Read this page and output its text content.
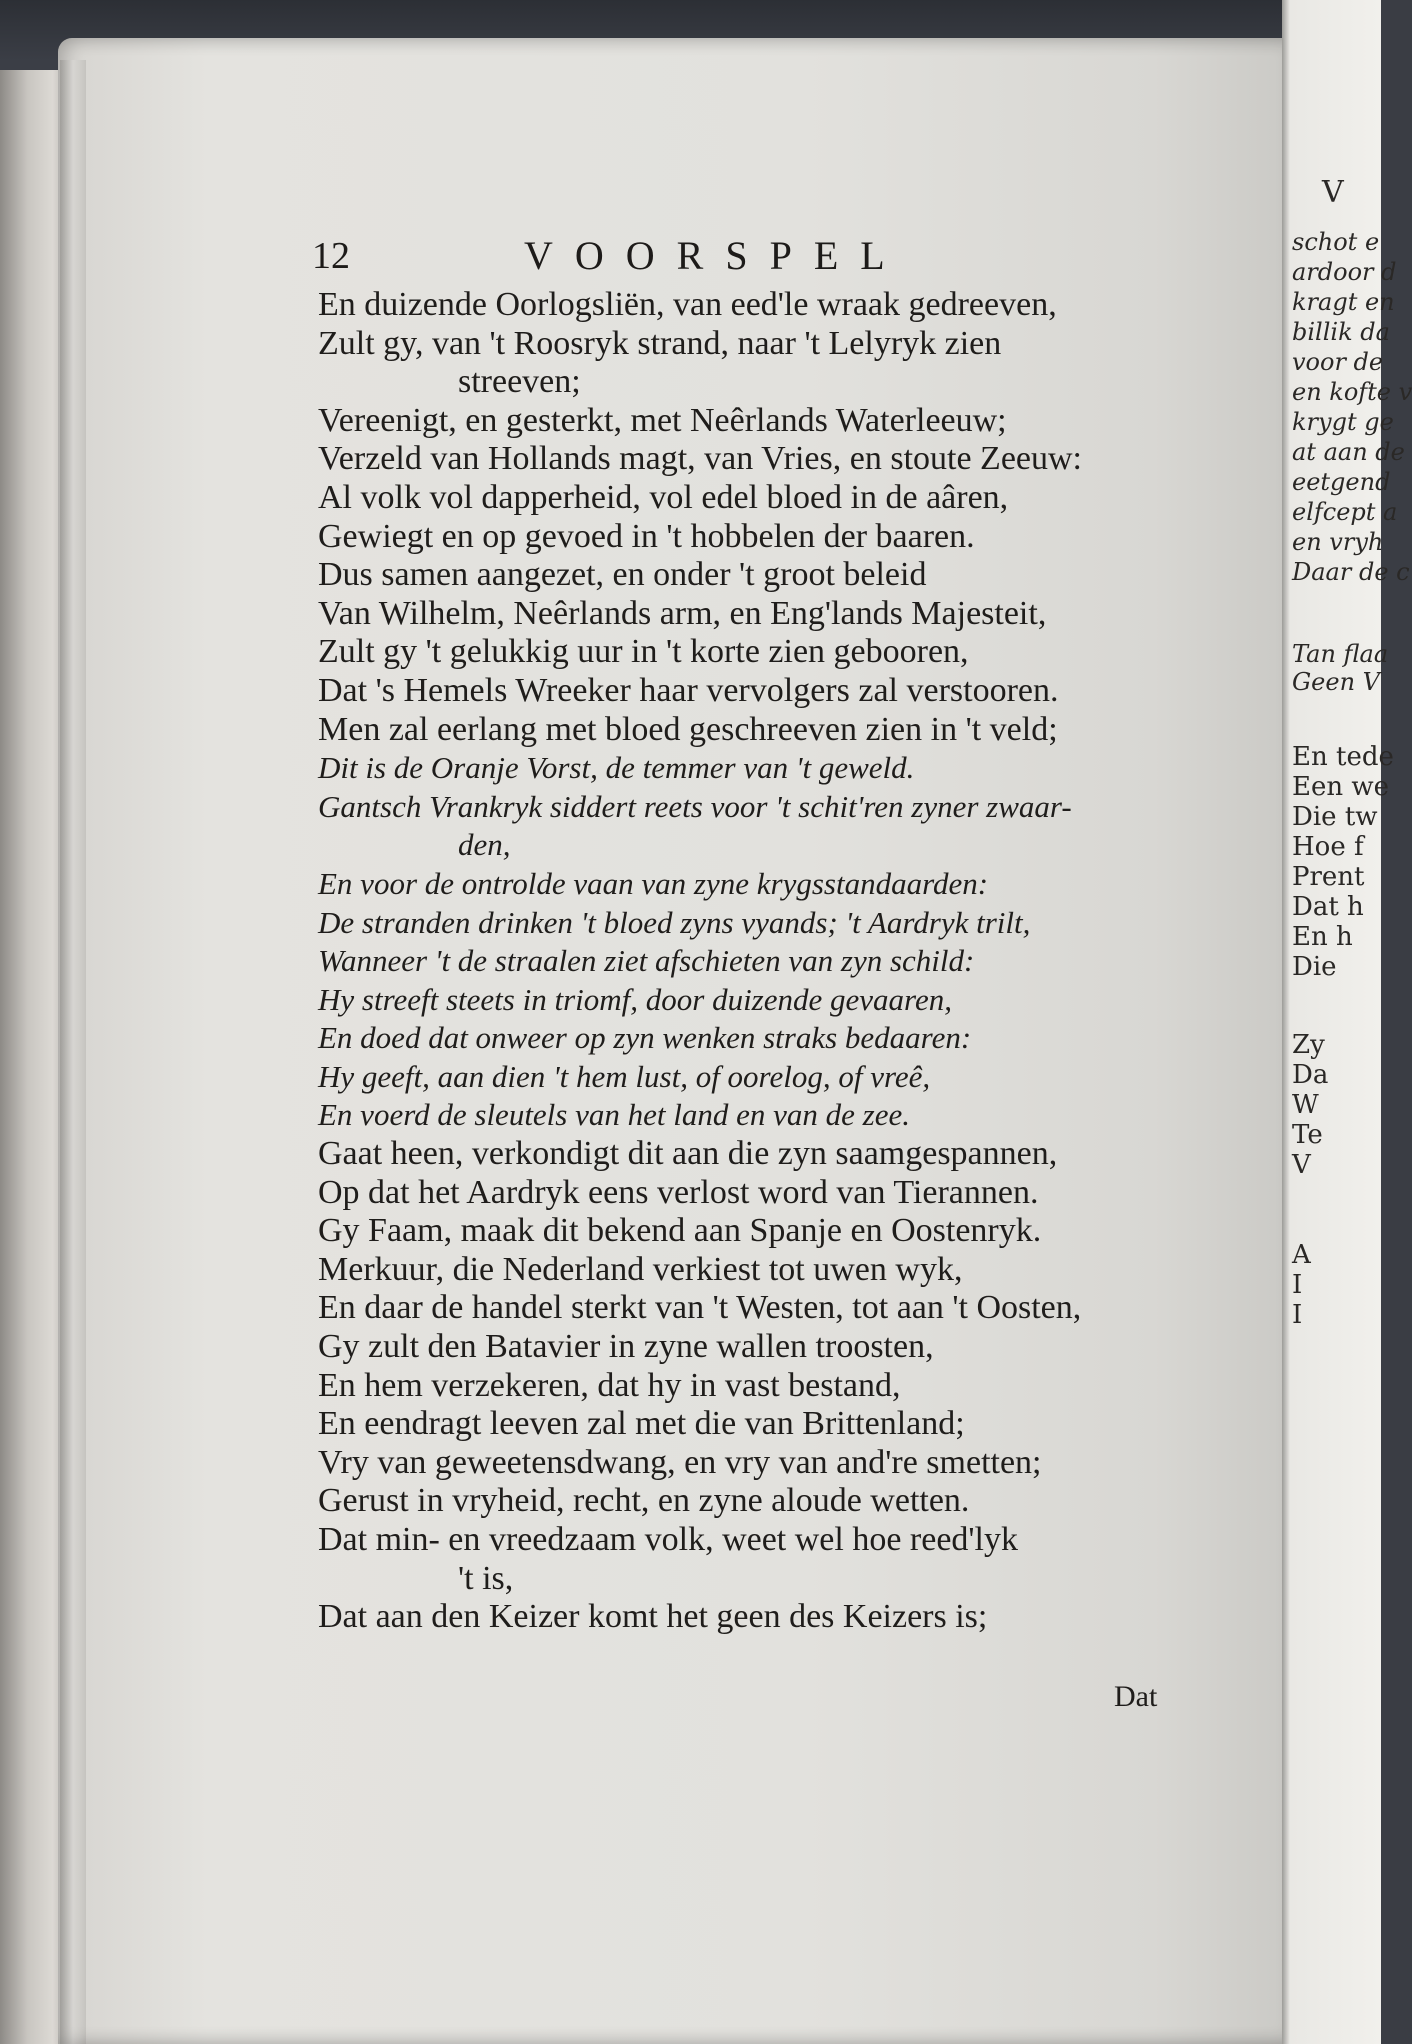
V
schot e
ardoor d
kragt en
billik da
voor de
en kofte v
krygt ge
at aan de
eetgend
elfcept a
en vryh
Daar de c
Tan flaa
Geen V
En tede
Een we
Die tw
Hoe f
Prent
Dat h
En h
Die
Zy
Da
W
Te
V
A
I
I
12	VOORSPEL
En duizende Oorlogsliën, van eed'le wraak gedreeven,
Zult gy, van 't Roosryk strand, naar 't Lelyryk zien
streeven;
Vereenigt, en gesterkt, met Neêrlands Waterleeuw;
Verzeld van Hollands magt, van Vries, en stoute Zeeuw:
Al volk vol dapperheid, vol edel bloed in de aâren,
Gewiegt en op gevoed in 't hobbelen der baaren.
Dus samen aangezet, en onder 't groot beleid
Van Wilhelm, Neêrlands arm, en Eng'lands Majesteit,
Zult gy 't gelukkig uur in 't korte zien gebooren,
Dat 's Hemels Wreeker haar vervolgers zal verstooren.
Men zal eerlang met bloed geschreeven zien in 't veld;
Dit is de Oranje Vorst, de temmer van 't geweld.
Gantsch Vrankryk siddert reets voor 't schit'ren zyner zwaar-
den,
En voor de ontrolde vaan van zyne krygsstandaarden:
De stranden drinken 't bloed zyns vyands; 't Aardryk trilt,
Wanneer 't de straalen ziet afschieten van zyn schild:
Hy streeft steets in triomf, door duizende gevaaren,
En doed dat onweer op zyn wenken straks bedaaren:
Hy geeft, aan dien 't hem lust, of oorelog, of vreê,
En voerd de sleutels van het land en van de zee.
Gaat heen, verkondigt dit aan die zyn saamgespannen,
Op dat het Aardryk eens verlost word van Tierannen.
Gy Faam, maak dit bekend aan Spanje en Oostenryk.
Merkuur, die Nederland verkiest tot uwen wyk,
En daar de handel sterkt van 't Westen, tot aan 't Oosten,
Gy zult den Batavier in zyne wallen troosten,
En hem verzekeren, dat hy in vast bestand,
En eendragt leeven zal met die van Brittenland;
Vry van geweetensdwang, en vry van and're smetten;
Gerust in vryheid, recht, en zyne aloude wetten.
Dat min- en vreedzaam volk, weet wel hoe reed'lyk
't is,
Dat aan den Keizer komt het geen des Keizers is;
Dat
